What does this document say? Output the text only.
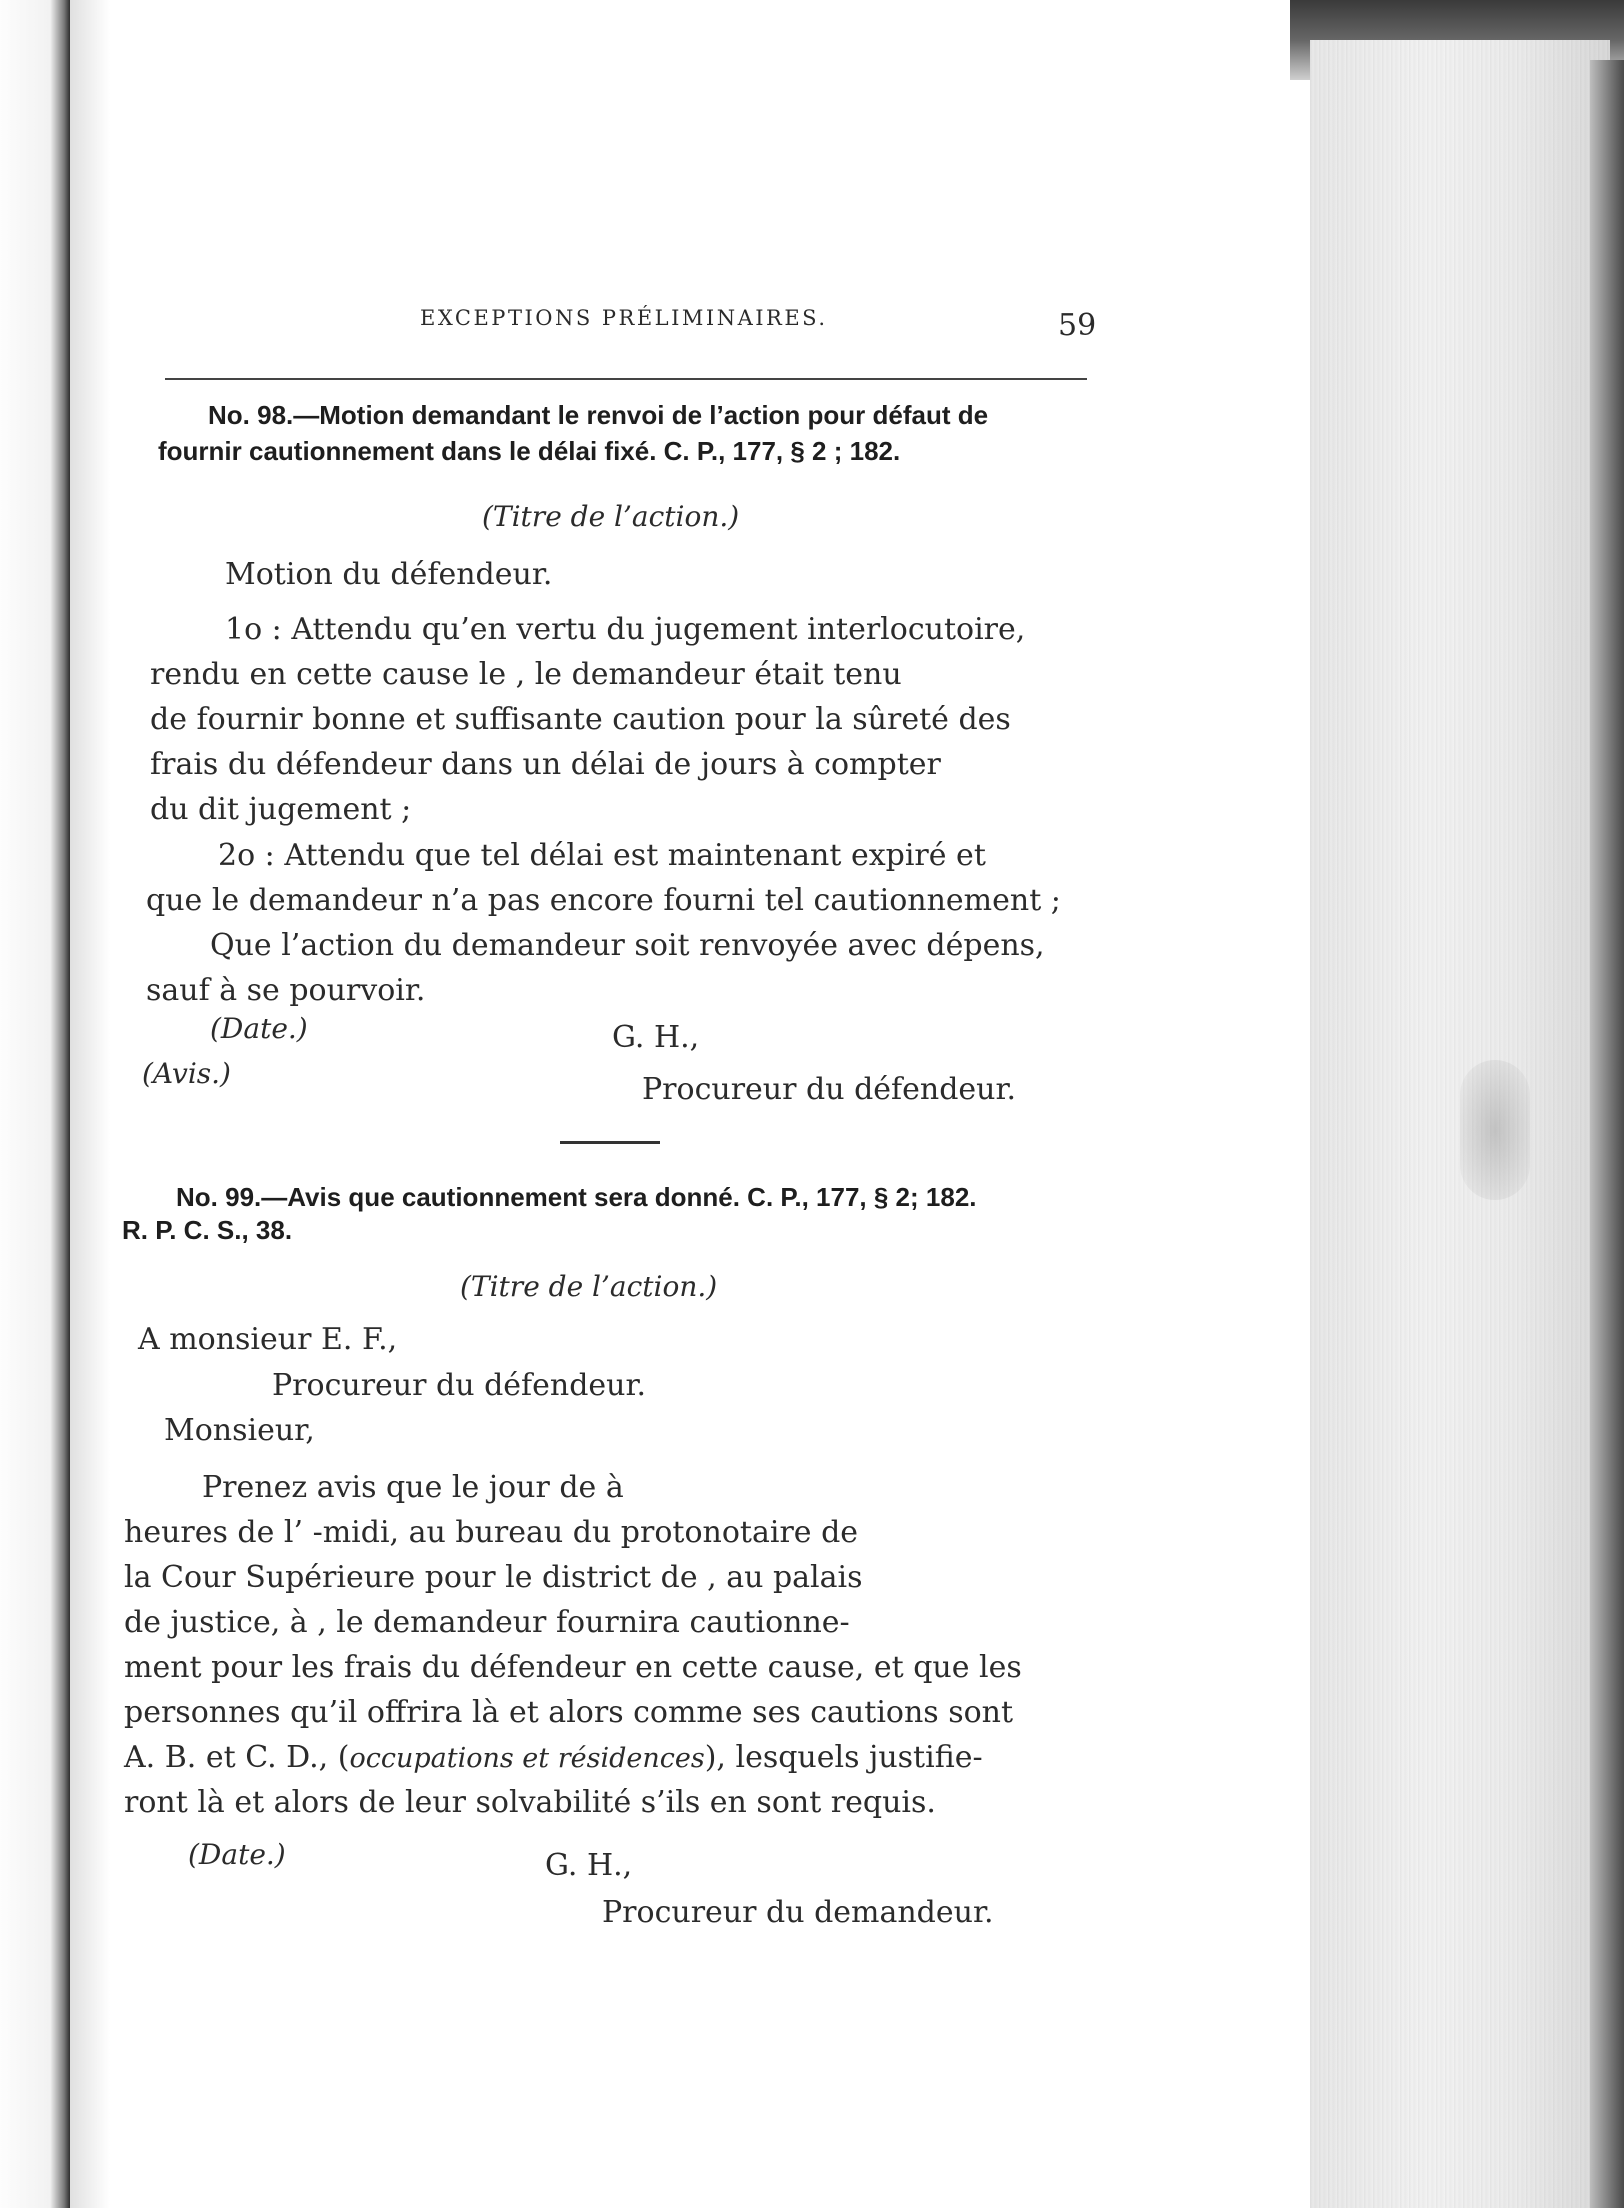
EXCEPTIONS PRÉLIMINAIRES.	59
No. 98.—Motion demandant le renvoi de l’action pour défaut de
fournir cautionnement dans le délai fixé. C. P., 177, § 2 ; 182.
(Titre de l’action.)
Motion du défendeur.
1o : Attendu qu’en vertu du jugement interlocutoire,
rendu en cette cause le , le demandeur était tenu
de fournir bonne et suffisante caution pour la sûreté des
frais du défendeur dans un délai de jours à compter
du dit jugement ;
2o : Attendu que tel délai est maintenant expiré et
que le demandeur n’a pas encore fourni tel cautionnement ;
Que l’action du demandeur soit renvoyée avec dépens,
sauf à se pourvoir.
(Date.)	G. H.,
(Avis.)	Procureur du défendeur.
No. 99.—Avis que cautionnement sera donné. C. P., 177, § 2; 182.
R. P. C. S., 38.
(Titre de l’action.)
A monsieur E. F.,
Procureur du défendeur.
Monsieur,
Prenez avis que le jour de à
heures de l’ -midi, au bureau du protonotaire de
la Cour Supérieure pour le district de , au palais
de justice, à , le demandeur fournira cautionne-
ment pour les frais du défendeur en cette cause, et que les
personnes qu’il offrira là et alors comme ses cautions sont
A. B. et C. D., (occupations et résidences), lesquels justifie-
ront là et alors de leur solvabilité s’ils en sont requis.
(Date.)	G. H.,
Procureur du demandeur.
